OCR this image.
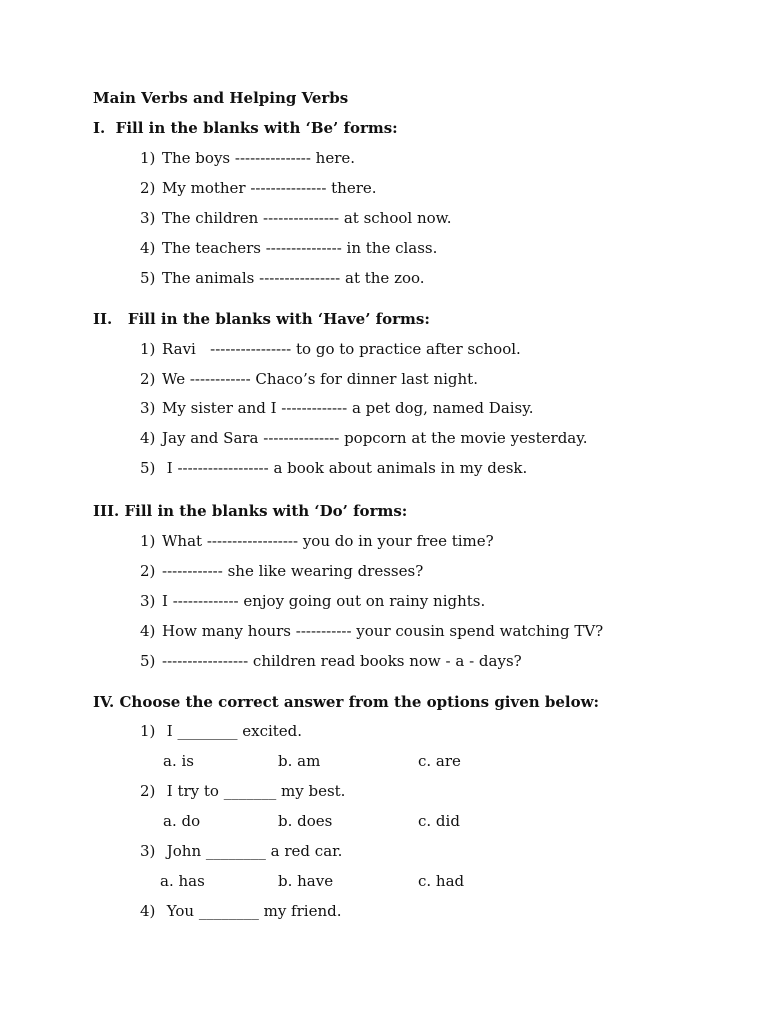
Main Verbs and Helping Verbs
I.  Fill in the blanks with ‘Be’ forms:
1) The boys --------------- here.
2) My mother --------------- there.
3) The children --------------- at school now.
4) The teachers --------------- in the class.
5) The animals ---------------- at the zoo.
II.   Fill in the blanks with ‘Have’ forms:
1) Ravi   ---------------- to go to practice after school.
2) We ------------ Chaco’s for dinner last night.
3) My sister and I ------------- a pet dog, named Daisy.
4) Jay and Sara --------------- popcorn at the movie yesterday.
5) I ------------------ a book about animals in my desk.
III. Fill in the blanks with ‘Do’ forms:
1) What ------------------ you do in your free time?
2) ------------ she like wearing dresses?
3) I ------------- enjoy going out on rainy nights.
4) How many hours ----------- your cousin spend watching TV?
5) ----------------- children read books now - a - days?
IV. Choose the correct answer from the options given below:
1) I ________ excited.
a. is	b. am	c. are
2) I try to _______ my best.
a. do	b. does	c. did
3) John ________ a red car.
a. has	b. have	c. had
4) You ________ my friend.
